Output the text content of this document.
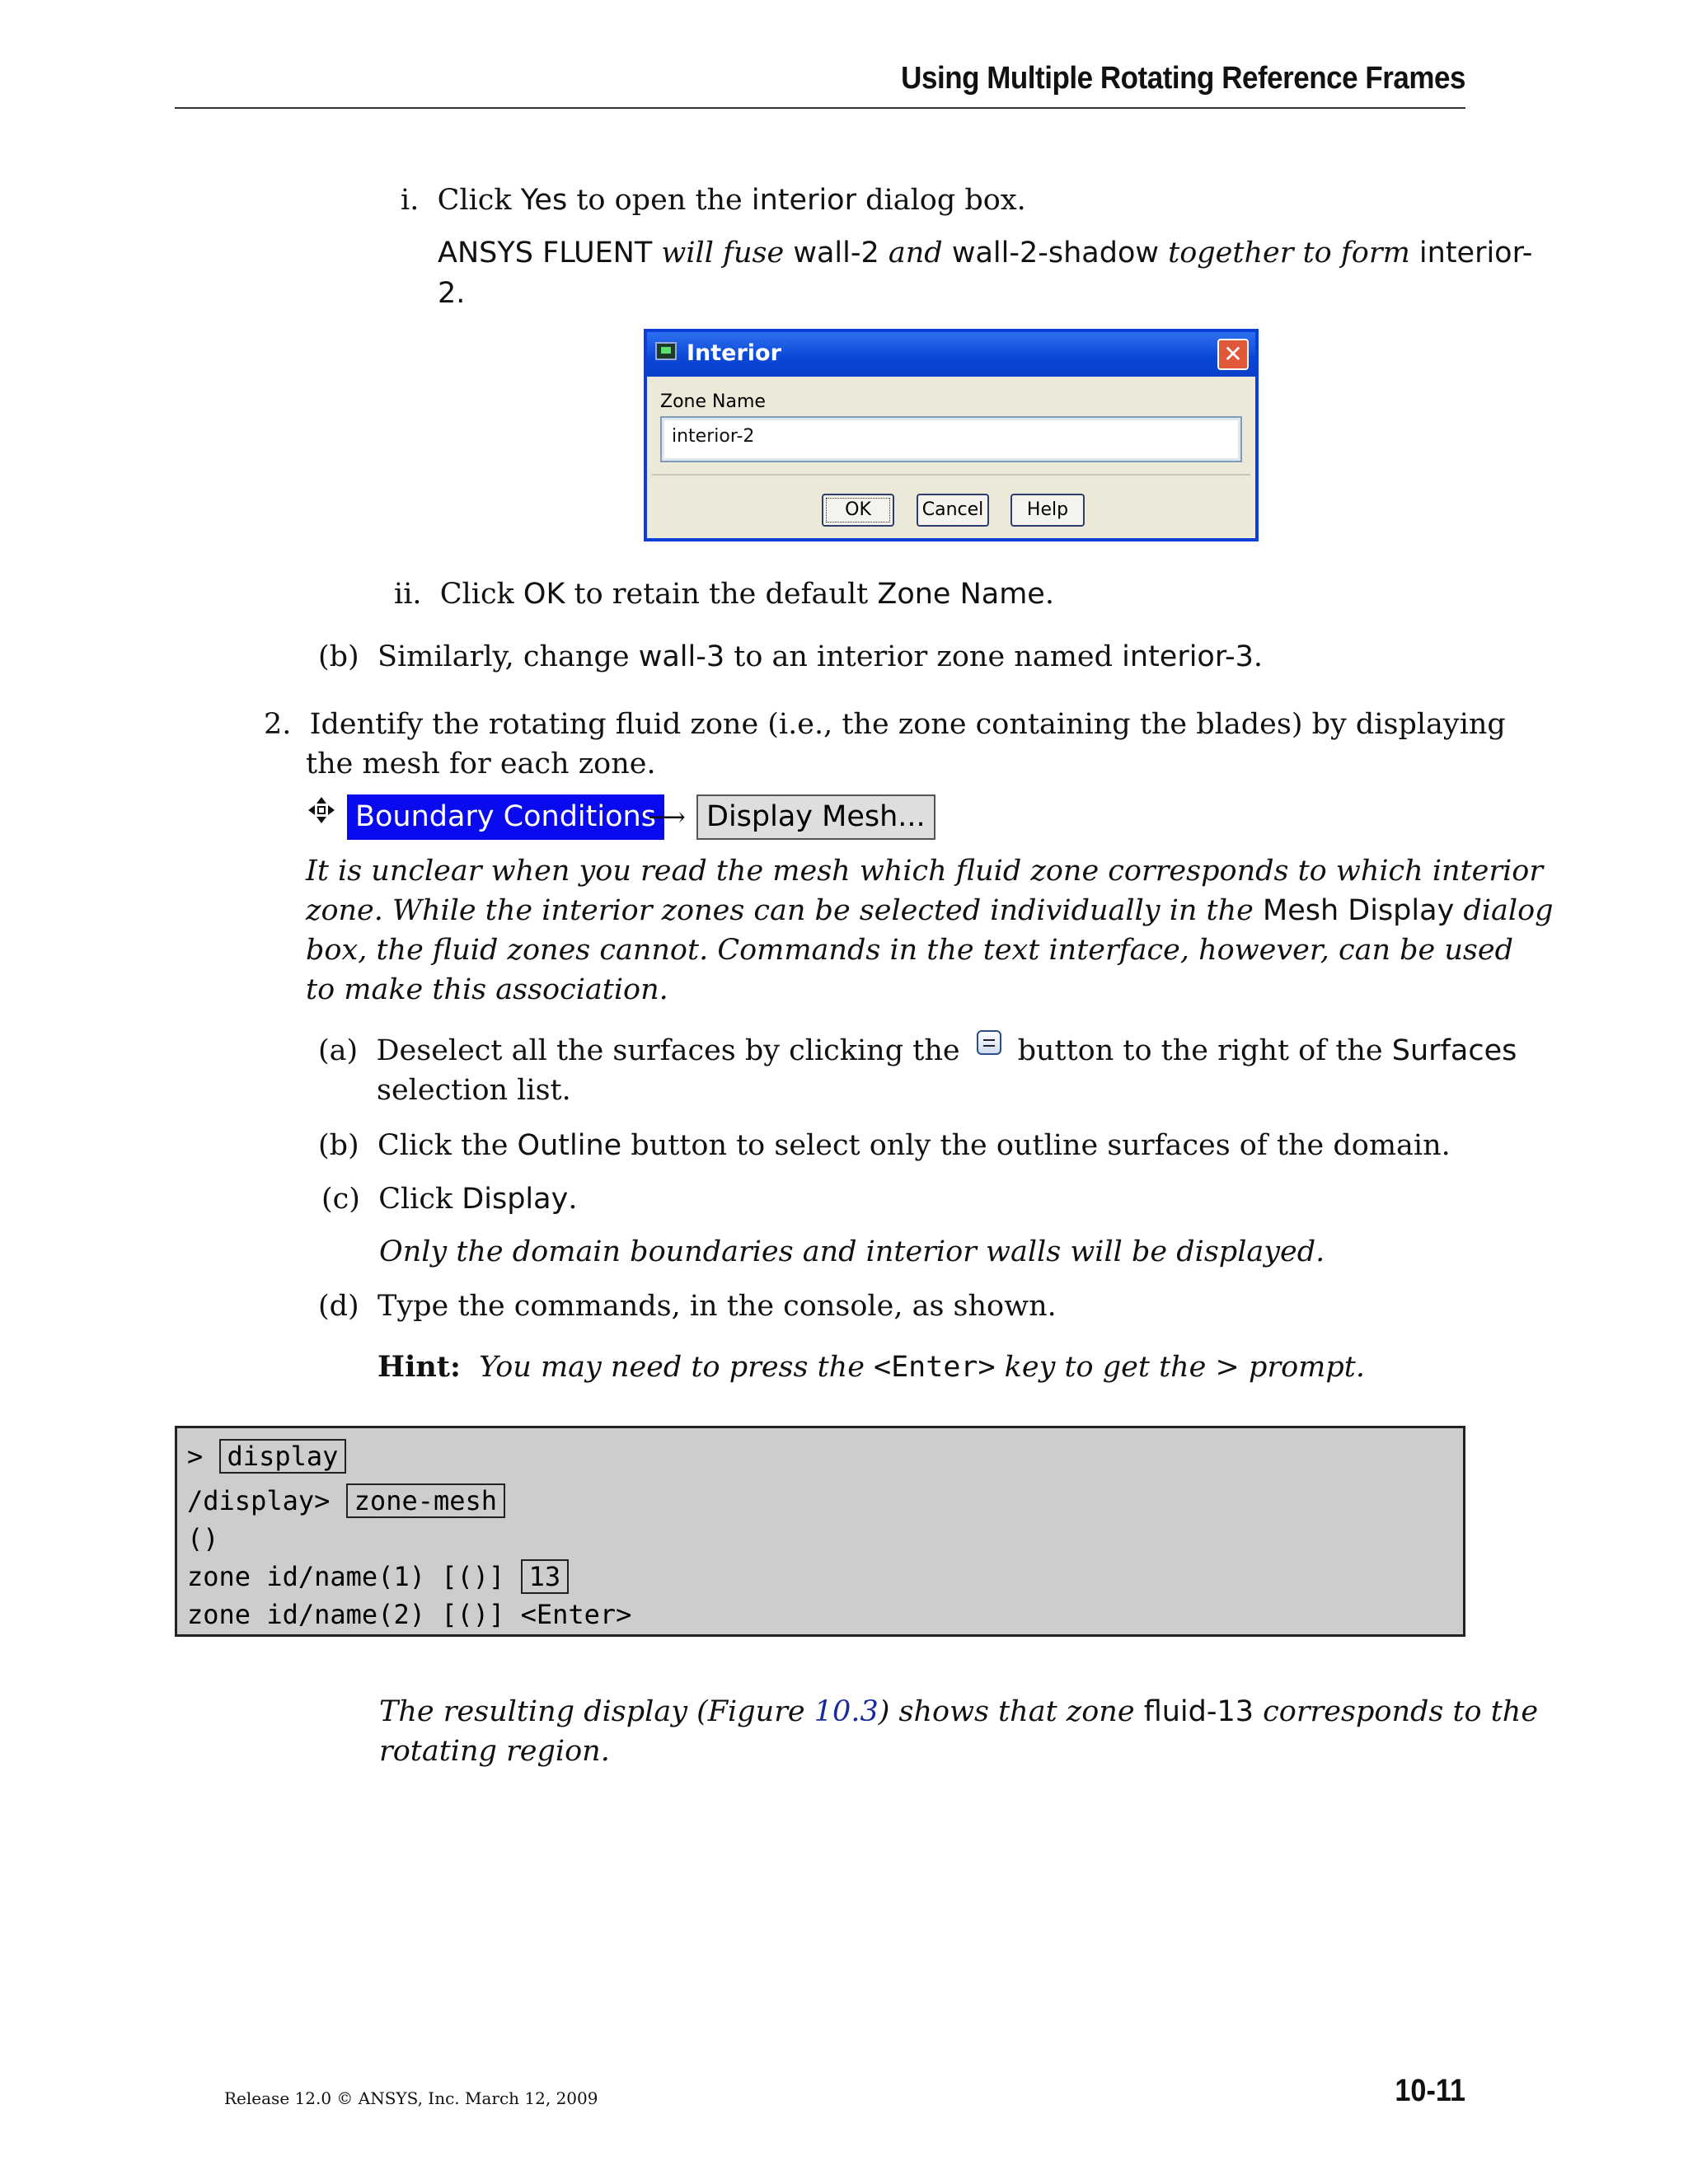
Using Multiple Rotating Reference Frames
i. Click Yes to open the interior dialog box.
ANSYS FLUENT will fuse wall-2 and wall-2-shadow together to form interior-
2.
Interior	✕
Zone Name
interior-2
OK	Cancel	Help
ii. Click OK to retain the default Zone Name.
(b) Similarly, change wall-3 to an interior zone named interior-3.
2. Identify the rotating fluid zone (i.e., the zone containing the blades) by displaying
the mesh for each zone.
Boundary Conditions
⟶ Display Mesh...
It is unclear when you read the mesh which fluid zone corresponds to which interior
zone. While the interior zones can be selected individually in the Mesh Display dialog
box, the fluid zones cannot. Commands in the text interface, however, can be used
to make this association.
(a) Deselect all the surfaces by clicking the button to the right of the Surfaces
selection list.
(b) Click the Outline button to select only the outline surfaces of the domain.
(c) Click Display.
Only the domain boundaries and interior walls will be displayed.
(d) Type the commands, in the console, as shown.
Hint: You may need to press the <Enter> key to get the > prompt.
> display
/display> zone-mesh
()
zone id/name(1) [()] 13
zone id/name(2) [()] <Enter>
The resulting display (Figure 10.3) shows that zone fluid-13 corresponds to the
rotating region.
Release 12.0 © ANSYS, Inc. March 12, 2009	10-11
